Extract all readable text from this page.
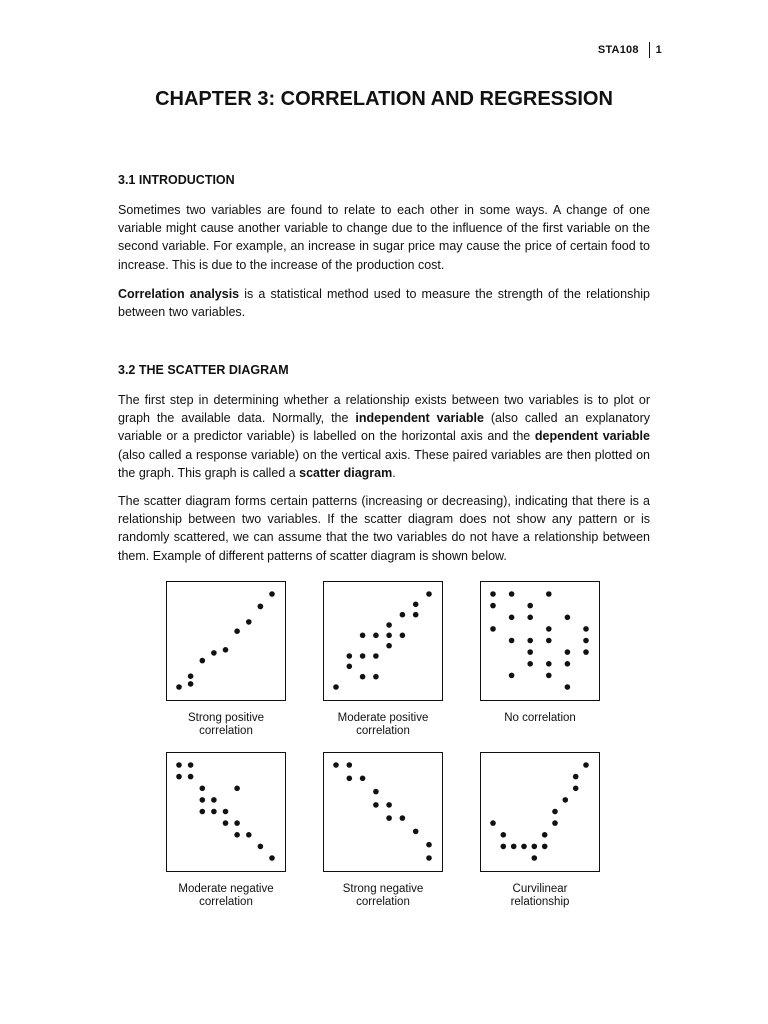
STA108 1
CHAPTER 3: CORRELATION AND REGRESSION
3.1 INTRODUCTION

Sometimes two variables are found to relate to each other in some ways. A change of one variable might cause another variable to change due to the influence of the first variable on the second variable. For example, an increase in sugar price may cause the price of certain food to increase. This is due to the increase of the production cost.

Correlation analysis is a statistical method used to measure the strength of the relationship between two variables.

3.2 THE SCATTER DIAGRAM

The first step in determining whether a relationship exists between two variables is to plot or graph the available data. Normally, the independent variable (also called an explanatory variable or a predictor variable) is labelled on the horizontal axis and the dependent variable (also called a response variable) on the vertical axis. These paired variables are then plotted on the graph. This graph is called a scatter diagram.

The scatter diagram forms certain patterns (increasing or decreasing), indicating that there is a relationship between two variables. If the scatter diagram does not show any pattern or is randomly scattered, we can assume that the two variables do not have a relationship between them. Example of different patterns of scatter diagram is shown below.

Strong positive
correlation
Moderate positive
correlation
No correlation
Moderate negative
correlation
Strong negative
correlation
Curvilinear
relationship
